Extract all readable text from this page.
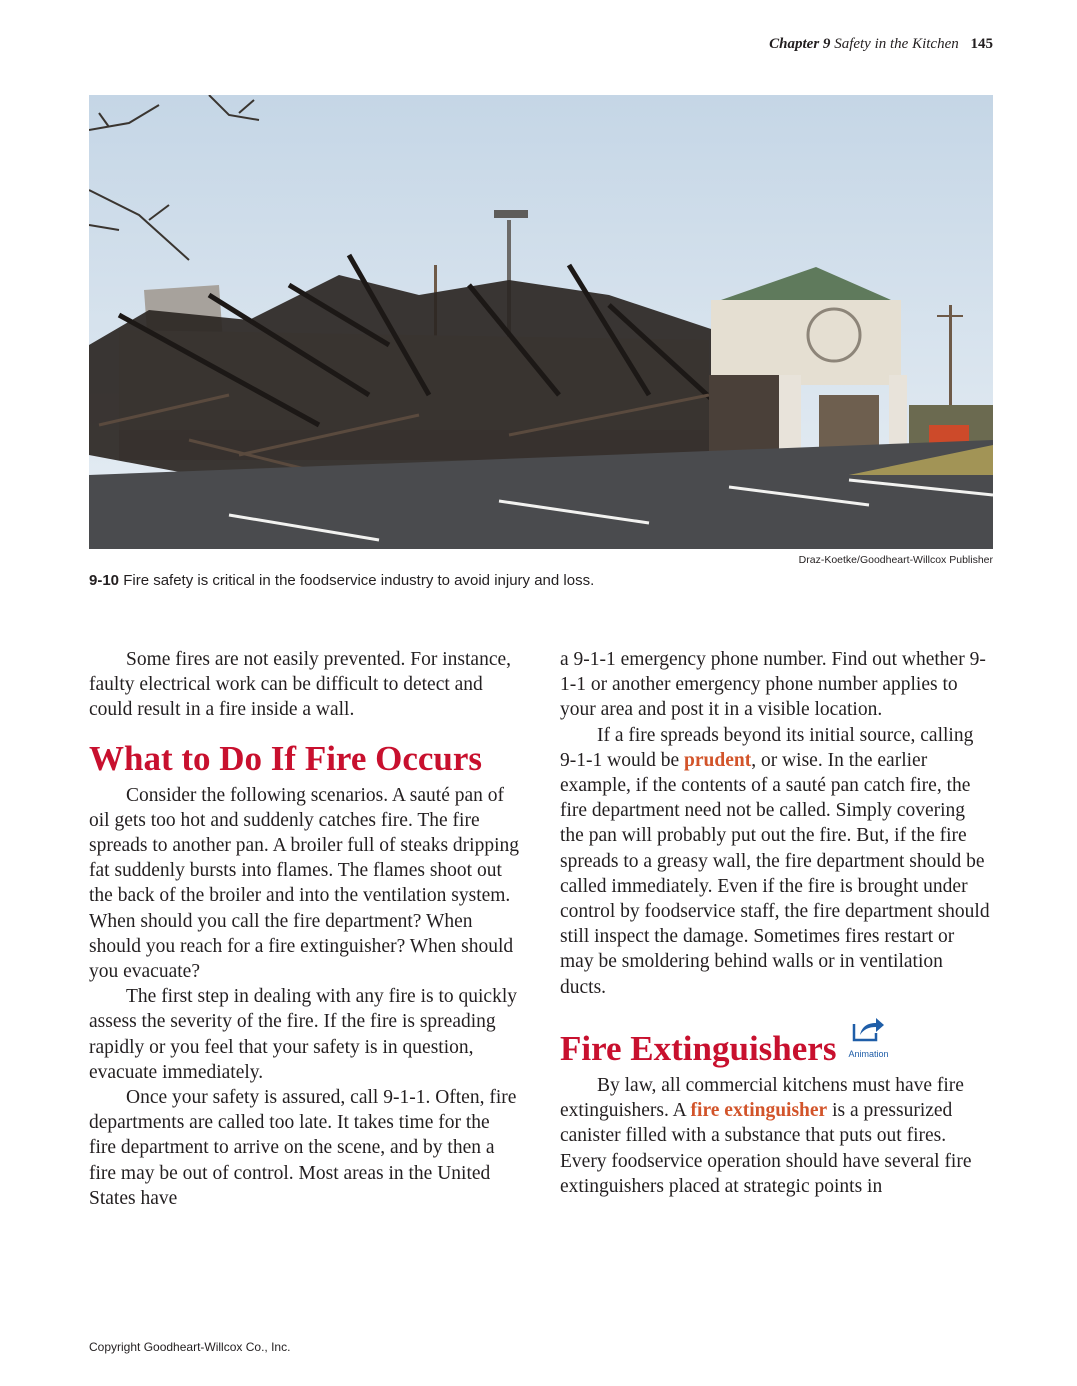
Chapter 9 Safety in the Kitchen 145
Draz-Koetke/Goodheart-Willcox Publisher
9-10 Fire safety is critical in the foodservice industry to avoid injury and loss.

Some fires are not easily prevented. For instance, faulty electrical work can be difficult to detect and could result in a fire inside a wall.

What to Do If Fire Occurs

Consider the following scenarios. A sauté pan of oil gets too hot and suddenly catches fire. The fire spreads to another pan. A broiler full of steaks dripping fat suddenly bursts into flames. The flames shoot out the back of the broiler and into the ventilation system. When should you call the fire department? When should you reach for a fire extinguisher? When should you evacuate?

The first step in dealing with any fire is to quickly assess the severity of the fire. If the fire is spreading rapidly or you feel that your safety is in question, evacuate immediately.

Once your safety is assured, call 9-1-1. Often, fire departments are called too late. It takes time for the fire department to arrive on the scene, and by then a fire may be out of control. Most areas in the United States have

a 9-1-1 emergency phone number. Find out whether 9-1-1 or another emergency phone number applies to your area and post it in a visible location.

If a fire spreads beyond its initial source, calling 9-1-1 would be prudent, or wise. In the earlier example, if the contents of a sauté pan catch fire, the fire department need not be called. Simply covering the pan will probably put out the fire. But, if the fire spreads to a greasy wall, the fire department should be called immediately. Even if the fire is brought under control by foodservice staff, the fire department should still inspect the damage. Sometimes fires restart or may be smoldering behind walls or in ventilation ducts.

Fire Extinguishers Animation

By law, all commercial kitchens must have fire extinguishers. A fire extinguisher is a pressurized canister filled with a substance that puts out fires. Every foodservice operation should have several fire extinguishers placed at strategic points in

Copyright Goodheart-Willcox Co., Inc.
